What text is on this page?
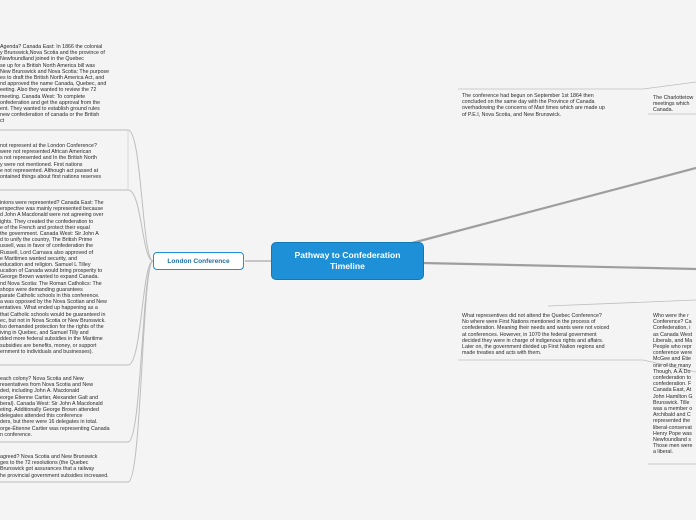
Agenda? Canada East: In 1866 the colonial
y Brunswick,Nova Scotia and the province of
Newfoundland joined in the Quebec
se up for a British North America bill was
New Brunswick and Nova Scotia: The purpose
es to draft the British North America Act, and
nd approved the name Canada, Quebec, and
eeting. Also they wanted to review the 72
meeting. Canada West: To complete
onfederation and get the approval from the
ent. They wanted to establish ground rules
new confederation of canada or the British
ct
not represent at the London Conference?
were not represented African American
s not represented and In the British North
y were not mentioned. First nations
e not represented. Although act passed at
ontained things about first nations reserves
inions were represented? Canada East: The
erspective was mainly represented because
d John A Macdonald were not agreeing over
ights. They created the confederation to
e of the French and protect their equal
the government. Canada West: Sir John A
d to unify the country, The British Prime
ussell, was in favor of confederation the
Russell, Lord Carnava also approved of
e Maritimes wanted security, and
education and religion. Samuel L Tilley
ucation of Canada would bring prosperity to
George Brown wanted to expand Canada.
nd Nova Scotia: The Roman Catholics: The
shops were demanding guarantees
parate Catholic schools in this conference.
a was opposed by the Nova Scotian and New
entatives. What ended up happening as a
that Catholic schools would be guaranteed in
ec, but not in Nova Scotia or New Brunswick.
lso demanded protection for the rights of the
iving in Quebec, and Samuel Tilly and
dded more federal subsidies in the Maritime
subsidies are benefits, money, or support
ernment to individuals and businesses).
each colony? Nova Scotia and New
resentatives from Nova Scotia and New
ded, including John A. Macdonald
eorge Étienne Cartier, Alexander Galt and
beral). Canada West: Sir John A Macdonald
eting. Additionally George Brown attended
delegates attended this conference
ders, but there were 16 delegates in total.
orge-Étienne Cartier was representing Canada
n conference.
agreed? Nova Scotia and New Brunswick
ges to the 72 resolutions (the Quebec
Brunswick got assurances that a railway
he provincial government subsidies increased.
Pathway to Confederation Timeline
London Conference
The conference had begun on September 1st 1864 then
concluded on the same day with the Province of Canada
overhadowing the concerns of Mari times which are made up
of P.E.I, Nova Scotia, and New Brunswick.
The Charlottetow
meetings which
Canada.
What representives did not attend the Quebec Conference?
No where were First Nations mentioned in the process of
confederation. Meaning their needs and wants were not voiced
at conferences. However, in 1070 the federal government
decided they were in charge of indigenous rights and affairs.
Later on, the government divided up First Nation regions and
made treaties and acts with them.
Who were the r
Conference? Ca
Confederation, i
as Canada West
Liberals, and Ma
People who repr
conference were
McGee and Étie
one of the many
Though, A.A.Do
confederation to
confederation. F
Canada East, At
John Hamilton G
Brunswick. Tille
was a member o
Archibald and C
represented the
liberal-conservat
Henry Pope was
Newfoundland s
Those men were
a liberal.
